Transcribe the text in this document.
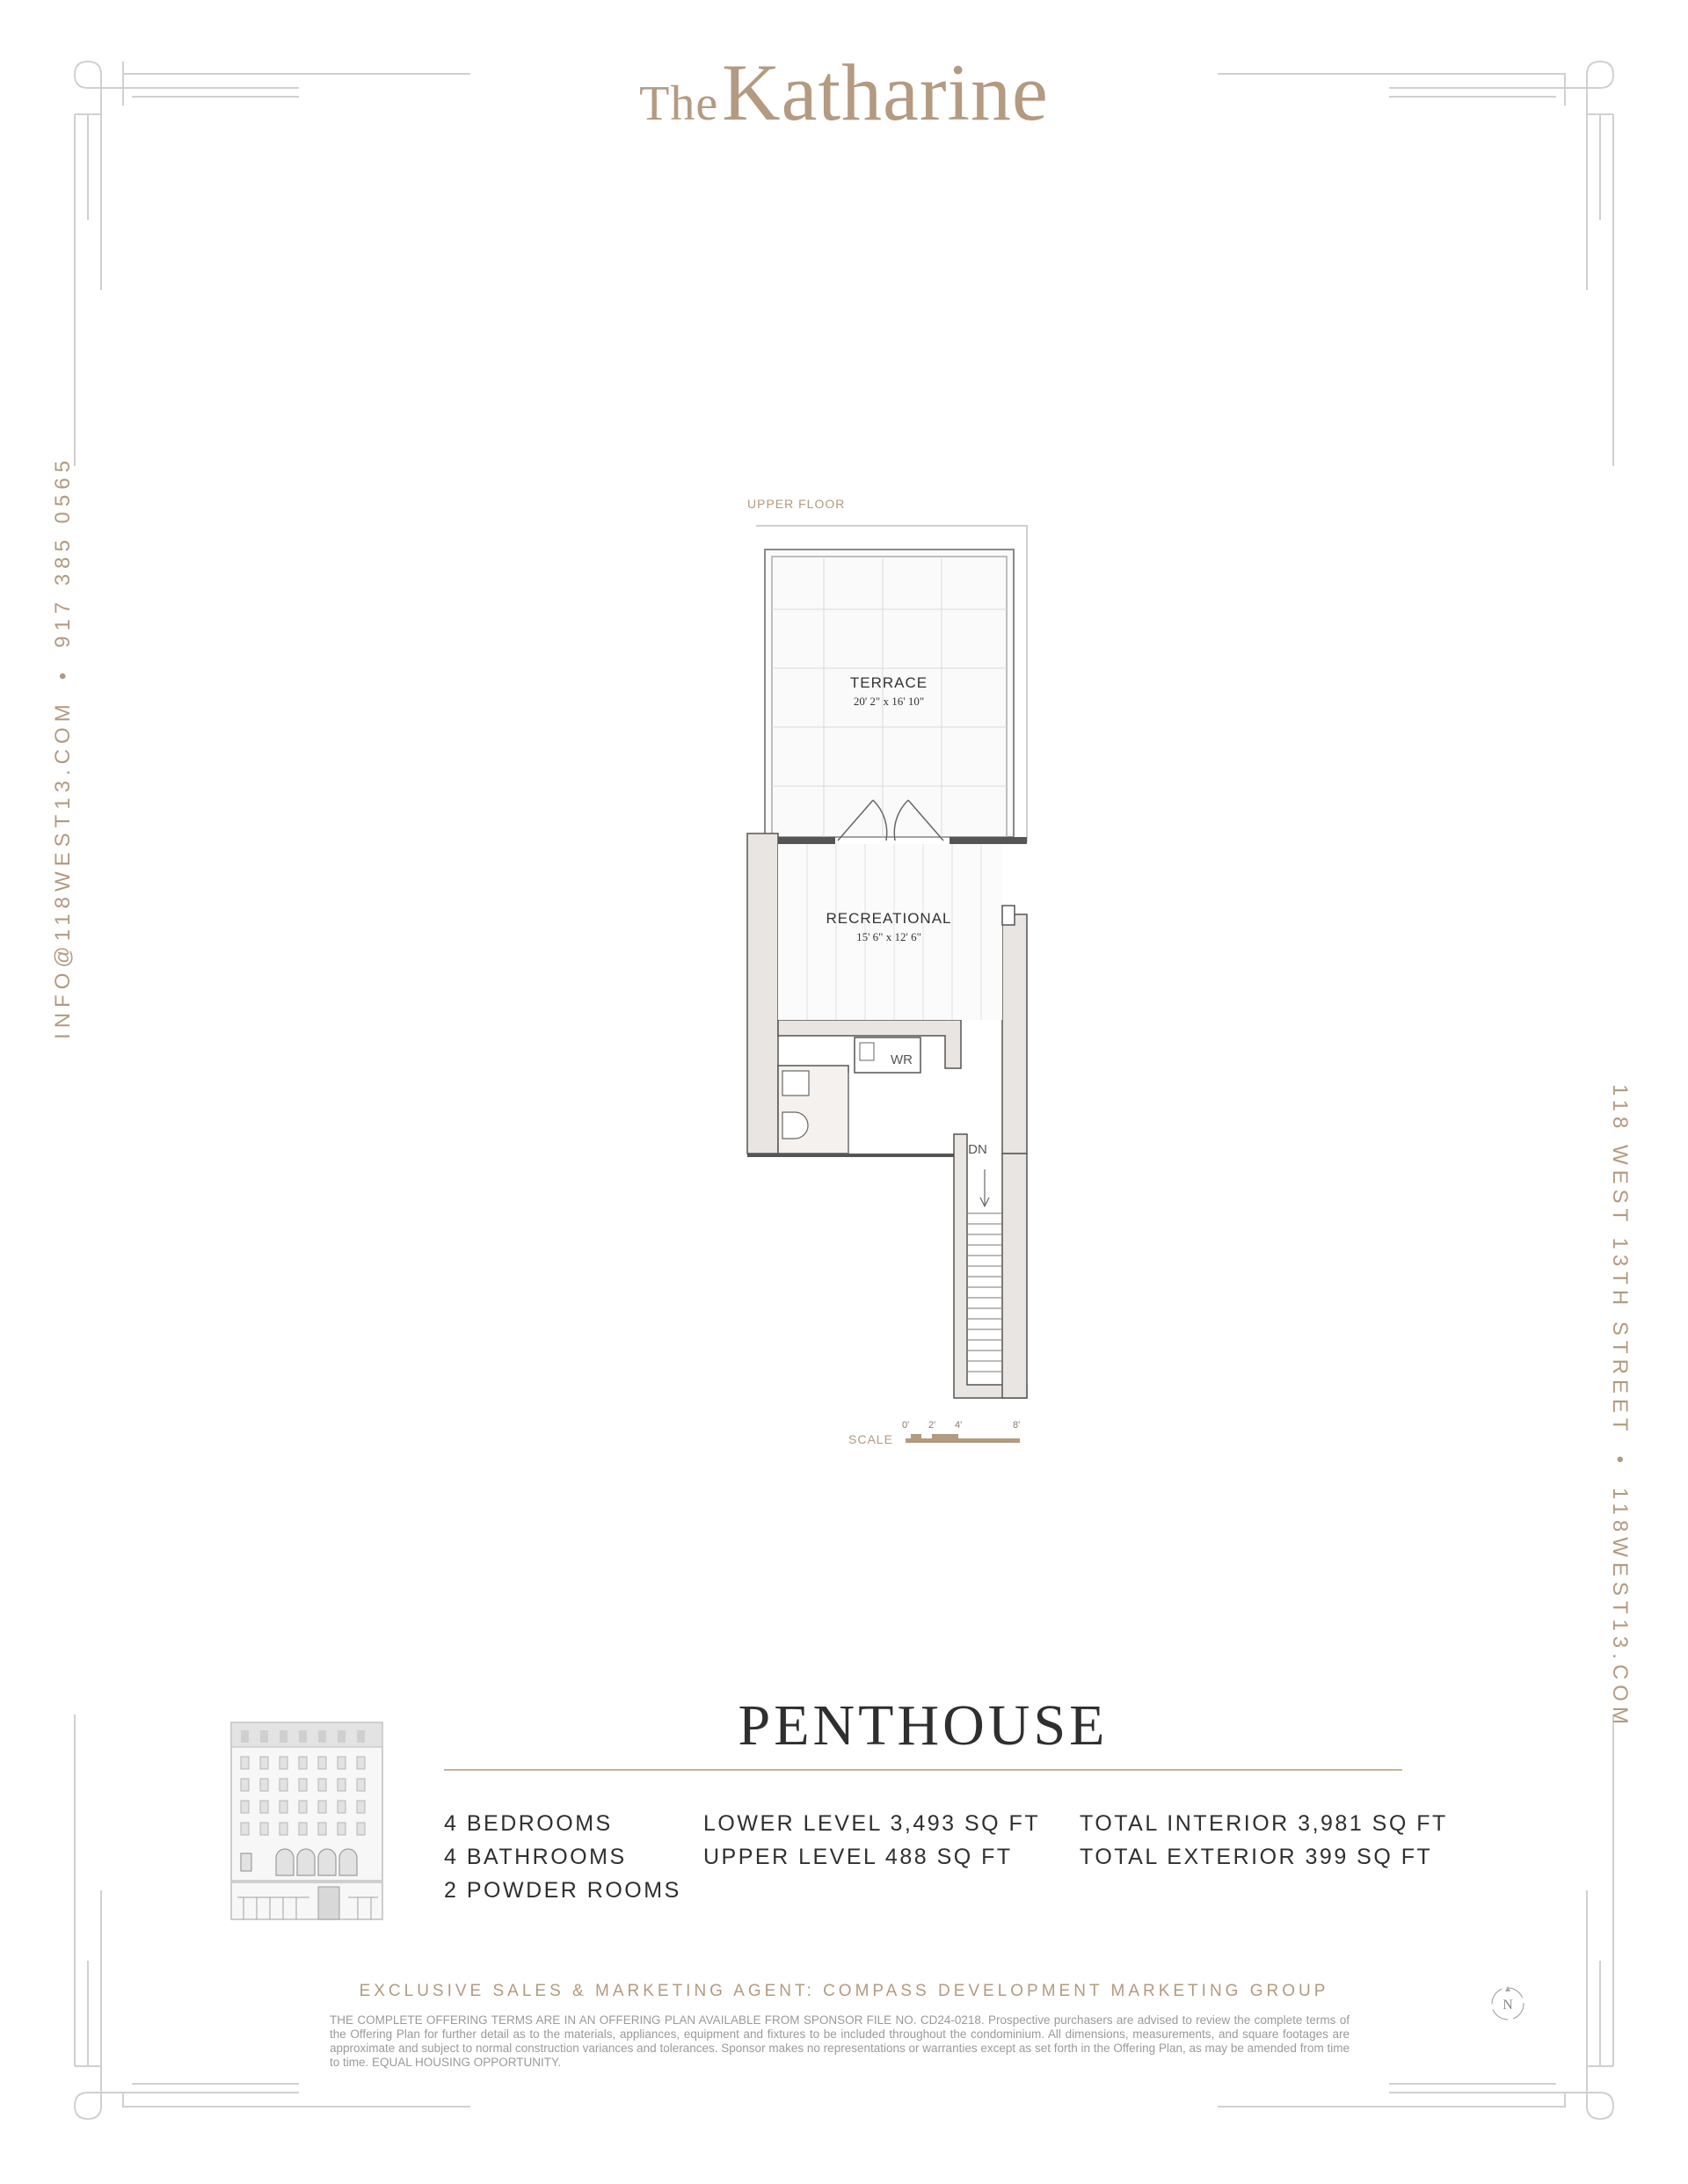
The Katharine
INFO@118WEST13.COM•917 385 0565
118 WEST 13TH STREET•118WEST13.COM
UPPER FLOOR
TERRACE
20' 2" x 16' 10"
RECREATIONAL
15' 6" x 12' 6"
WR
DN
SCALE
0' 2' 4'	8'
PENTHOUSE
4 BEDROOMS
4 BATHROOMS
2 POWDER ROOMS
LOWER LEVEL 3,493 SQ FT
UPPER LEVEL 488 SQ FT
TOTAL INTERIOR 3,981 SQ FT
TOTAL EXTERIOR 399 SQ FT
EXCLUSIVE SALES & MARKETING AGENT: COMPASS DEVELOPMENT MARKETING GROUP
THE COMPLETE OFFERING TERMS ARE IN AN OFFERING PLAN AVAILABLE FROM SPONSOR FILE NO. CD24-0218. Prospective purchasers are advised to review the complete terms of the Offering Plan for further detail as to the materials, appliances, equipment and fixtures to be included throughout the condominium. All dimensions, measurements, and square footages are approximate and subject to normal construction variances and tolerances. Sponsor makes no representations or warranties except as set forth in the Offering Plan, as may be amended from time to time. EQUAL HOUSING OPPORTUNITY.
N
